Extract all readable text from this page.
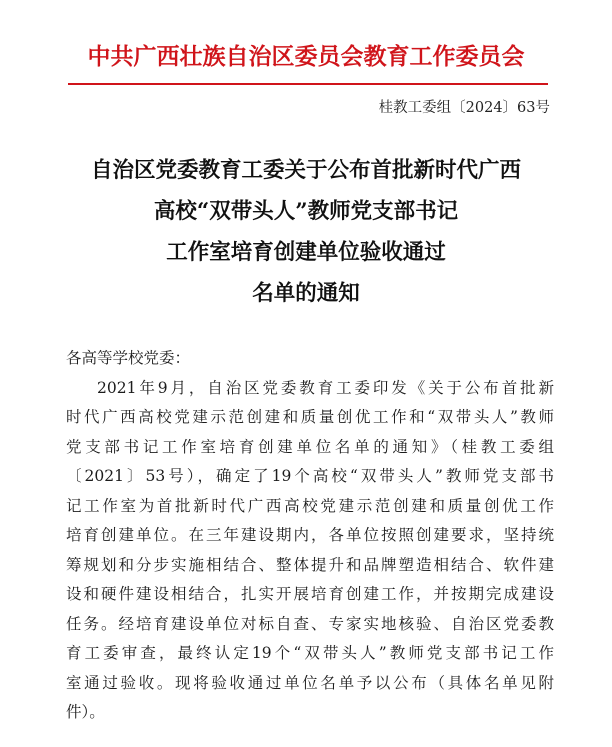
中共广西壮族自治区委员会教育工作委员会
桂教工委组〔2024〕63号
自治区党委教育工委关于公布首批新时代广西
高校“双带头人”教师党支部书记
工作室培育创建单位验收通过
名单的通知
各高等学校党委：
2021年9月，自治区党委教育工委印发《关于公布首批新
时代广西高校党建示范创建和质量创优工作和“双带头人”教师
党支部书记工作室培育创建单位名单的通知》（桂教工委组
〔2021〕53号），确定了19个高校“双带头人”教师党支部书
记工作室为首批新时代广西高校党建示范创建和质量创优工作
培育创建单位。在三年建设期内，各单位按照创建要求，坚持统
筹规划和分步实施相结合、整体提升和品牌塑造相结合、软件建
设和硬件建设相结合，扎实开展培育创建工作，并按期完成建设
任务。经培育建设单位对标自查、专家实地核验、自治区党委教
育工委审查，最终认定19个“双带头人”教师党支部书记工作
室通过验收。现将验收通过单位名单予以公布（具体名单见附
件）。
